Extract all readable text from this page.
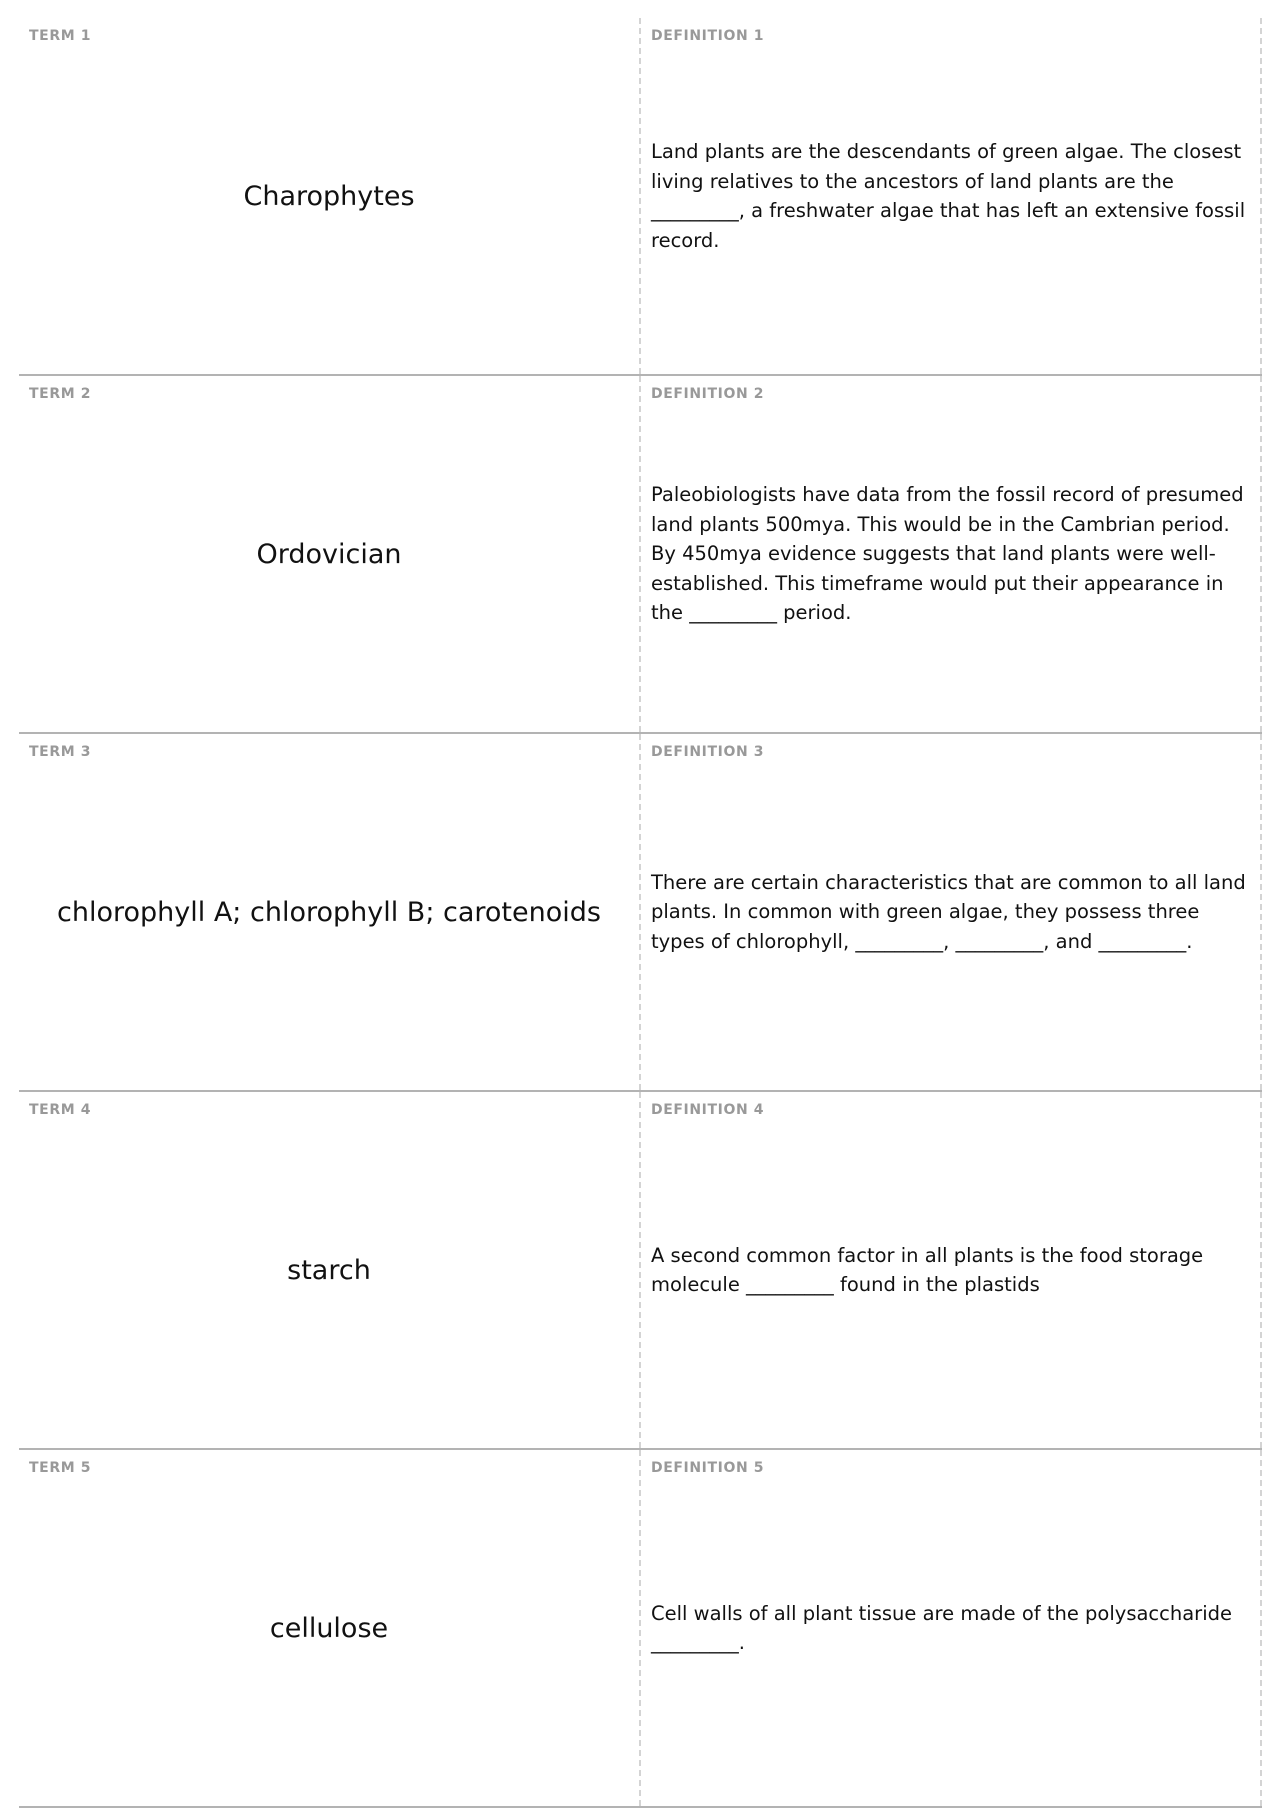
TERM 1
Charophytes
DEFINITION 1
Land plants are the descendants of green algae. The closest living relatives to the ancestors of land plants are the _________, a freshwater algae that has left an extensive fossil record.
TERM 2
Ordovician
DEFINITION 2
Paleobiologists have data from the fossil record of presumed land plants 500mya. This would be in the Cambrian period. By 450mya evidence suggests that land plants were well-established. This timeframe would put their appearance in the _________ period.
TERM 3
chlorophyll A; chlorophyll B; carotenoids
DEFINITION 3
There are certain characteristics that are common to all land plants. In common with green algae, they possess three types of chlorophyll, _________, _________, and _________.
TERM 4
starch
DEFINITION 4
A second common factor in all plants is the food storage molecule _________ found in the plastids
TERM 5
cellulose
DEFINITION 5
Cell walls of all plant tissue are made of the polysaccharide _________.
